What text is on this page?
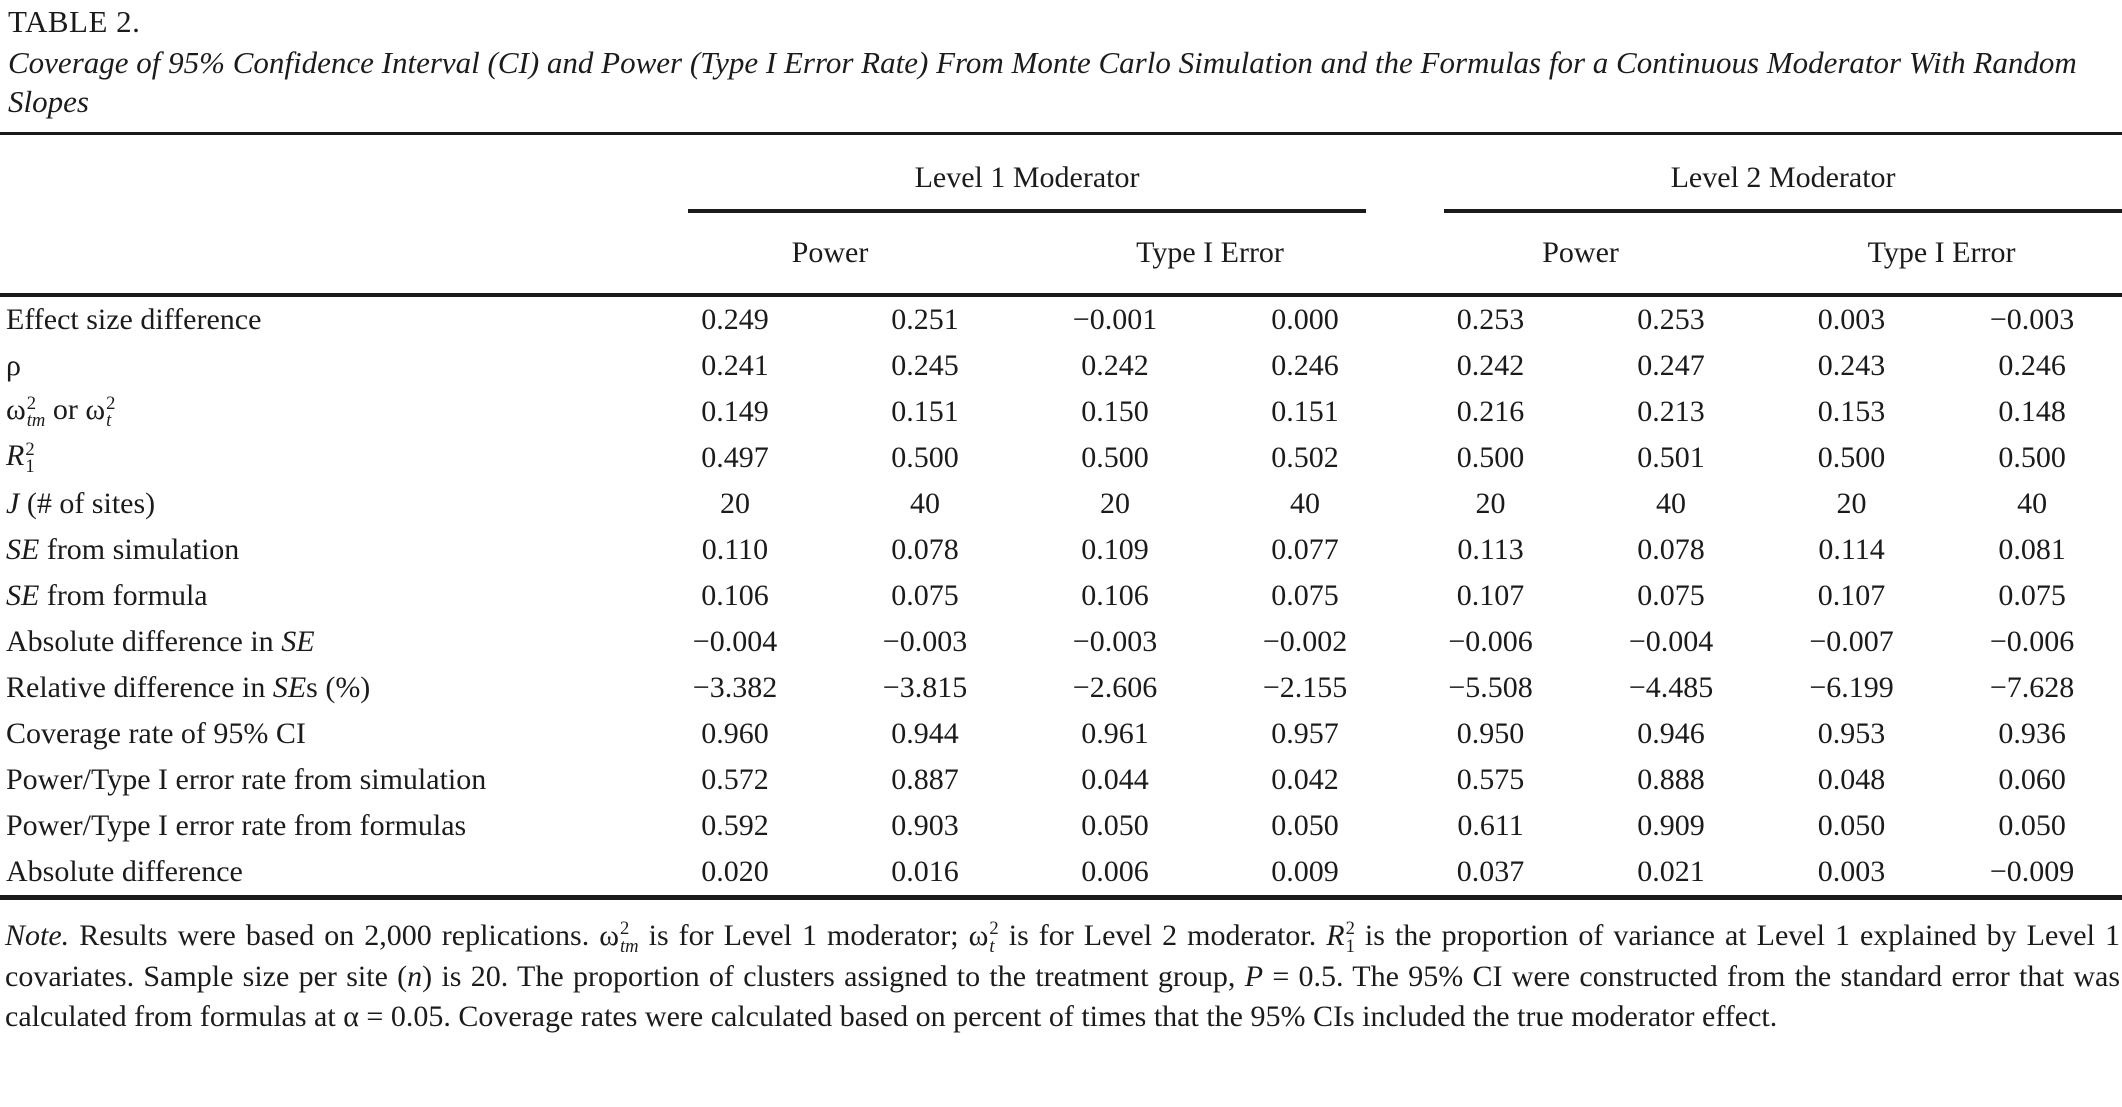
TABLE 2.
Coverage of 95% Confidence Interval (CI) and Power (Type I Error Rate) From Monte Carlo Simulation and the Formulas for a Continuous Moderator With Random Slopes

	Level 1 Moderator				Level 2 Moderator			

	Power		Type I Error		Power		Type I Error	
Effect size difference	0.249	0.251	−0.001	0.000	0.253	0.253	0.003	−0.003
ρ	0.241	0.245	0.242	0.246	0.242	0.247	0.243	0.246
ω 2
tm or ω 2
t	0.149	0.151	0.150	0.151	0.216	0.213	0.153	0.148
R 2
1	0.497	0.500	0.500	0.502	0.500	0.501	0.500	0.500
J (# of sites)	20	40	20	40	20	40	20	40
SE from simulation	0.110	0.078	0.109	0.077	0.113	0.078	0.114	0.081
SE from formula	0.106	0.075	0.106	0.075	0.107	0.075	0.107	0.075
Absolute difference in SE	−0.004	−0.003	−0.003	−0.002	−0.006	−0.004	−0.007	−0.006
Relative difference in SEs (%)	−3.382	−3.815	−2.606	−2.155	−5.508	−4.485	−6.199	−7.628
Coverage rate of 95% CI	0.960	0.944	0.961	0.957	0.950	0.946	0.953	0.936
Power/Type I error rate from simulation	0.572	0.887	0.044	0.042	0.575	0.888	0.048	0.060
Power/Type I error rate from formulas	0.592	0.903	0.050	0.050	0.611	0.909	0.050	0.050
Absolute difference	0.020	0.016	0.006	0.009	0.037	0.021	0.003	−0.009

Note. Results were based on 2,000 replications. ω 2
tm is for Level 1 moderator; ω 2
t is for Level 2 moderator. R 2
1 is the proportion of variance at Level 1 explained by Level 1 covariates. Sample size per site (n) is 20. The proportion of clusters assigned to the treatment group, P = 0.5. The 95% CI were constructed from the standard error that was calculated from formulas at α = 0.05. Coverage rates were calculated based on percent of times that the 95% CIs included the true moderator effect.
